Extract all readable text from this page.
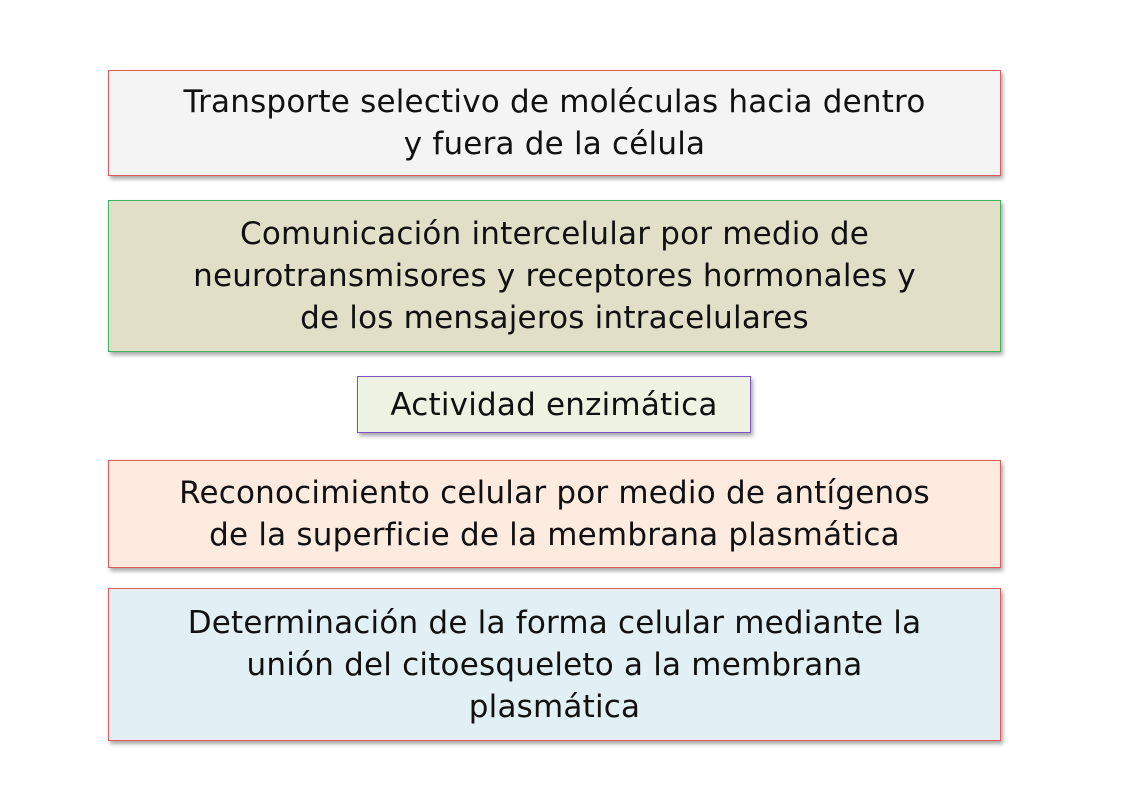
Transporte selectivo de moléculas hacia dentro
y fuera de la célula
Comunicación intercelular por medio de
neurotransmisores y receptores hormonales y
de los mensajeros intracelulares
Actividad enzimática
Reconocimiento celular por medio de antígenos
de la superficie de la membrana plasmática
Determinación de la forma celular mediante la
unión del citoesqueleto a la membrana
plasmática
